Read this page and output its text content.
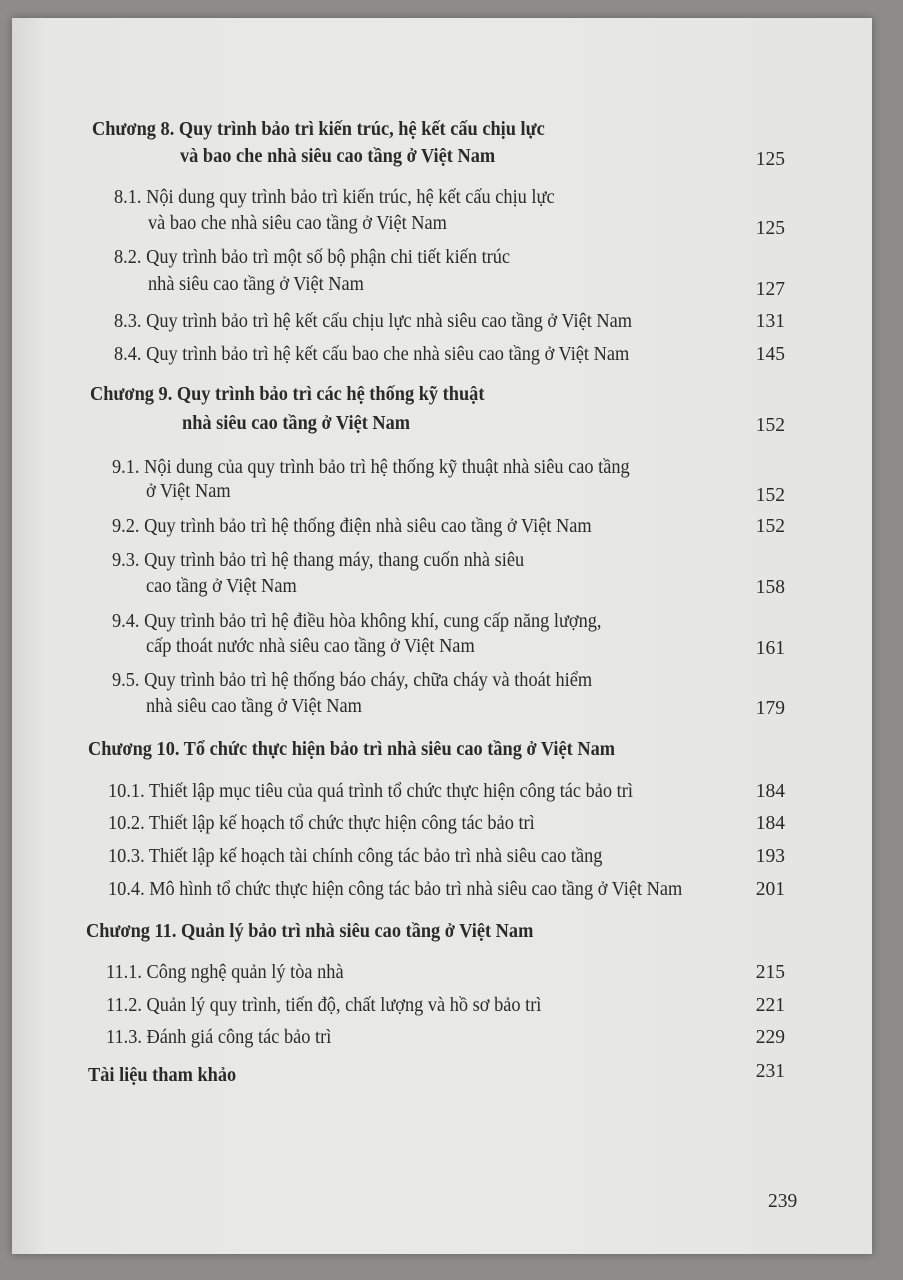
Chương 8. Quy trình bảo trì kiến trúc, hệ kết cấu chịu lực
và bao che nhà siêu cao tầng ở Việt Nam	125
8.1. Nội dung quy trình bảo trì kiến trúc, hệ kết cấu chịu lực
và bao che nhà siêu cao tầng ở Việt Nam	125
8.2. Quy trình bảo trì một số bộ phận chi tiết kiến trúc
nhà siêu cao tầng ở Việt Nam	127
8.3. Quy trình bảo trì hệ kết cấu chịu lực nhà siêu cao tầng ở Việt Nam	131
8.4. Quy trình bảo trì hệ kết cấu bao che nhà siêu cao tầng ở Việt Nam	145
Chương 9. Quy trình bảo trì các hệ thống kỹ thuật
nhà siêu cao tầng ở Việt Nam	152
9.1. Nội dung của quy trình bảo trì hệ thống kỹ thuật nhà siêu cao tầng
ở Việt Nam	152
9.2. Quy trình bảo trì hệ thống điện nhà siêu cao tầng ở Việt Nam	152
9.3. Quy trình bảo trì hệ thang máy, thang cuốn nhà siêu
cao tầng ở Việt Nam	158
9.4. Quy trình bảo trì hệ điều hòa không khí, cung cấp năng lượng,
cấp thoát nước nhà siêu cao tầng ở Việt Nam	161
9.5. Quy trình bảo trì hệ thống báo cháy, chữa cháy và thoát hiểm
nhà siêu cao tầng ở Việt Nam	179
Chương 10. Tổ chức thực hiện bảo trì nhà siêu cao tầng ở Việt Nam
10.1. Thiết lập mục tiêu của quá trình tổ chức thực hiện công tác bảo trì	184
10.2. Thiết lập kế hoạch tổ chức thực hiện công tác bảo trì	184
10.3. Thiết lập kế hoạch tài chính công tác bảo trì nhà siêu cao tầng	193
10.4. Mô hình tổ chức thực hiện công tác bảo trì nhà siêu cao tầng ở Việt Nam	201
Chương 11. Quản lý bảo trì nhà siêu cao tầng ở Việt Nam
11.1. Công nghệ quản lý tòa nhà	215
11.2. Quản lý quy trình, tiến độ, chất lượng và hồ sơ bảo trì	221
11.3. Đánh giá công tác bảo trì	229
Tài liệu tham khảo	231
239
